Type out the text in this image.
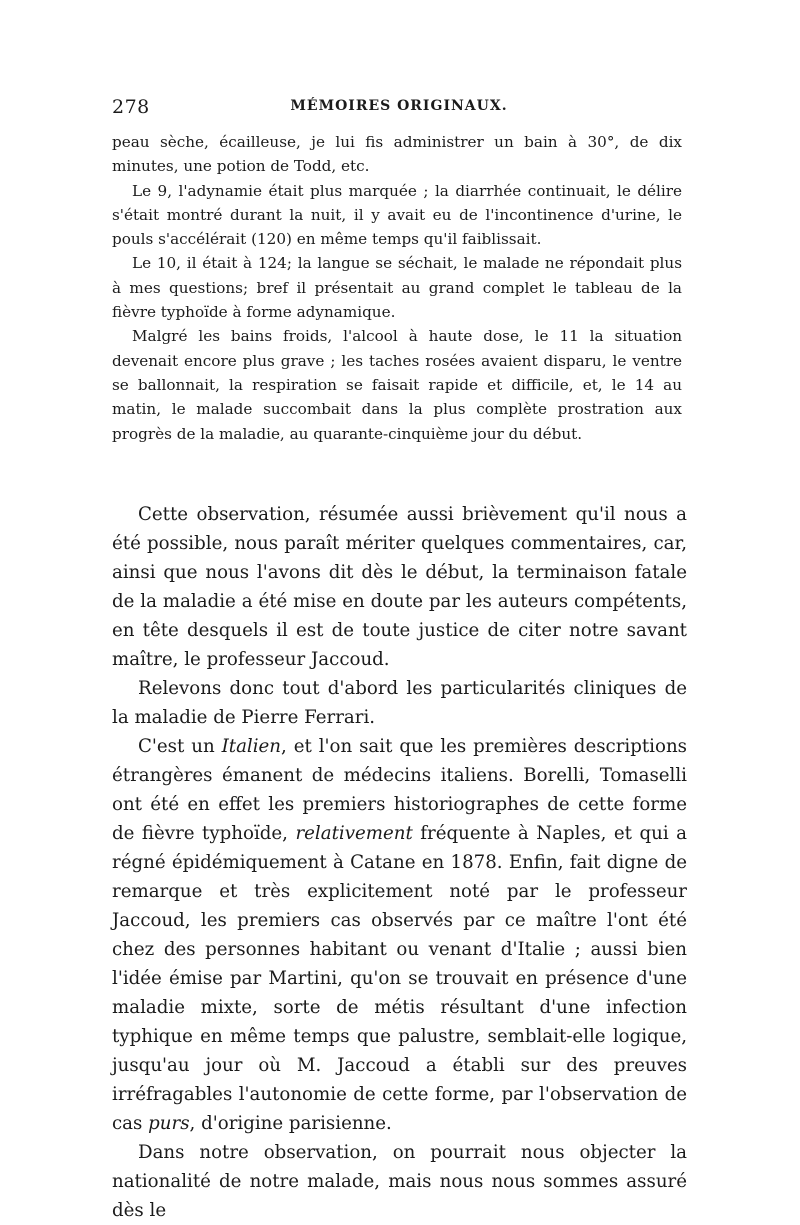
278	MÉMOIRES ORIGINAUX.

peau sèche, écailleuse, je lui fis administrer un bain à 30°, de dix minutes, une potion de Todd, etc.

Le 9, l'adynamie était plus marquée ; la diarrhée continuait, le délire s'était montré durant la nuit, il y avait eu de l'incontinence d'urine, le pouls s'accélérait (120) en même temps qu'il faiblissait.

Le 10, il était à 124; la langue se séchait, le malade ne répondait plus à mes questions; bref il présentait au grand complet le tableau de la fièvre typhoïde à forme adynamique.

Malgré les bains froids, l'alcool à haute dose, le 11 la situation devenait encore plus grave ; les taches rosées avaient disparu, le ventre se ballonnait, la respiration se faisait rapide et difficile, et, le 14 au matin, le malade succombait dans la plus complète prostration aux progrès de la maladie, au quarante-cinquième jour du début.

Cette observation, résumée aussi brièvement qu'il nous a été possible, nous paraît mériter quelques commentaires, car, ainsi que nous l'avons dit dès le début, la terminaison fatale de la maladie a été mise en doute par les auteurs compétents, en tête desquels il est de toute justice de citer notre savant maître, le professeur Jaccoud.

Relevons donc tout d'abord les particularités cliniques de la maladie de Pierre Ferrari.

C'est un Italien, et l'on sait que les premières descriptions étrangères émanent de médecins italiens. Borelli, Tomaselli ont été en effet les premiers historiographes de cette forme de fièvre typhoïde, relativement fréquente à Naples, et qui a régné épidémiquement à Catane en 1878. Enfin, fait digne de remarque et très explicitement noté par le professeur Jaccoud, les premiers cas observés par ce maître l'ont été chez des personnes habitant ou venant d'Italie ; aussi bien l'idée émise par Martini, qu'on se trouvait en présence d'une maladie mixte, sorte de métis résultant d'une infection typhique en même temps que palustre, semblait-elle logique, jusqu'au jour où M. Jaccoud a établi sur des preuves irréfragables l'autonomie de cette forme, par l'observation de cas purs, d'origine parisienne.

Dans notre observation, on pourrait nous objecter la nationalité de notre malade, mais nous nous sommes assuré dès le
